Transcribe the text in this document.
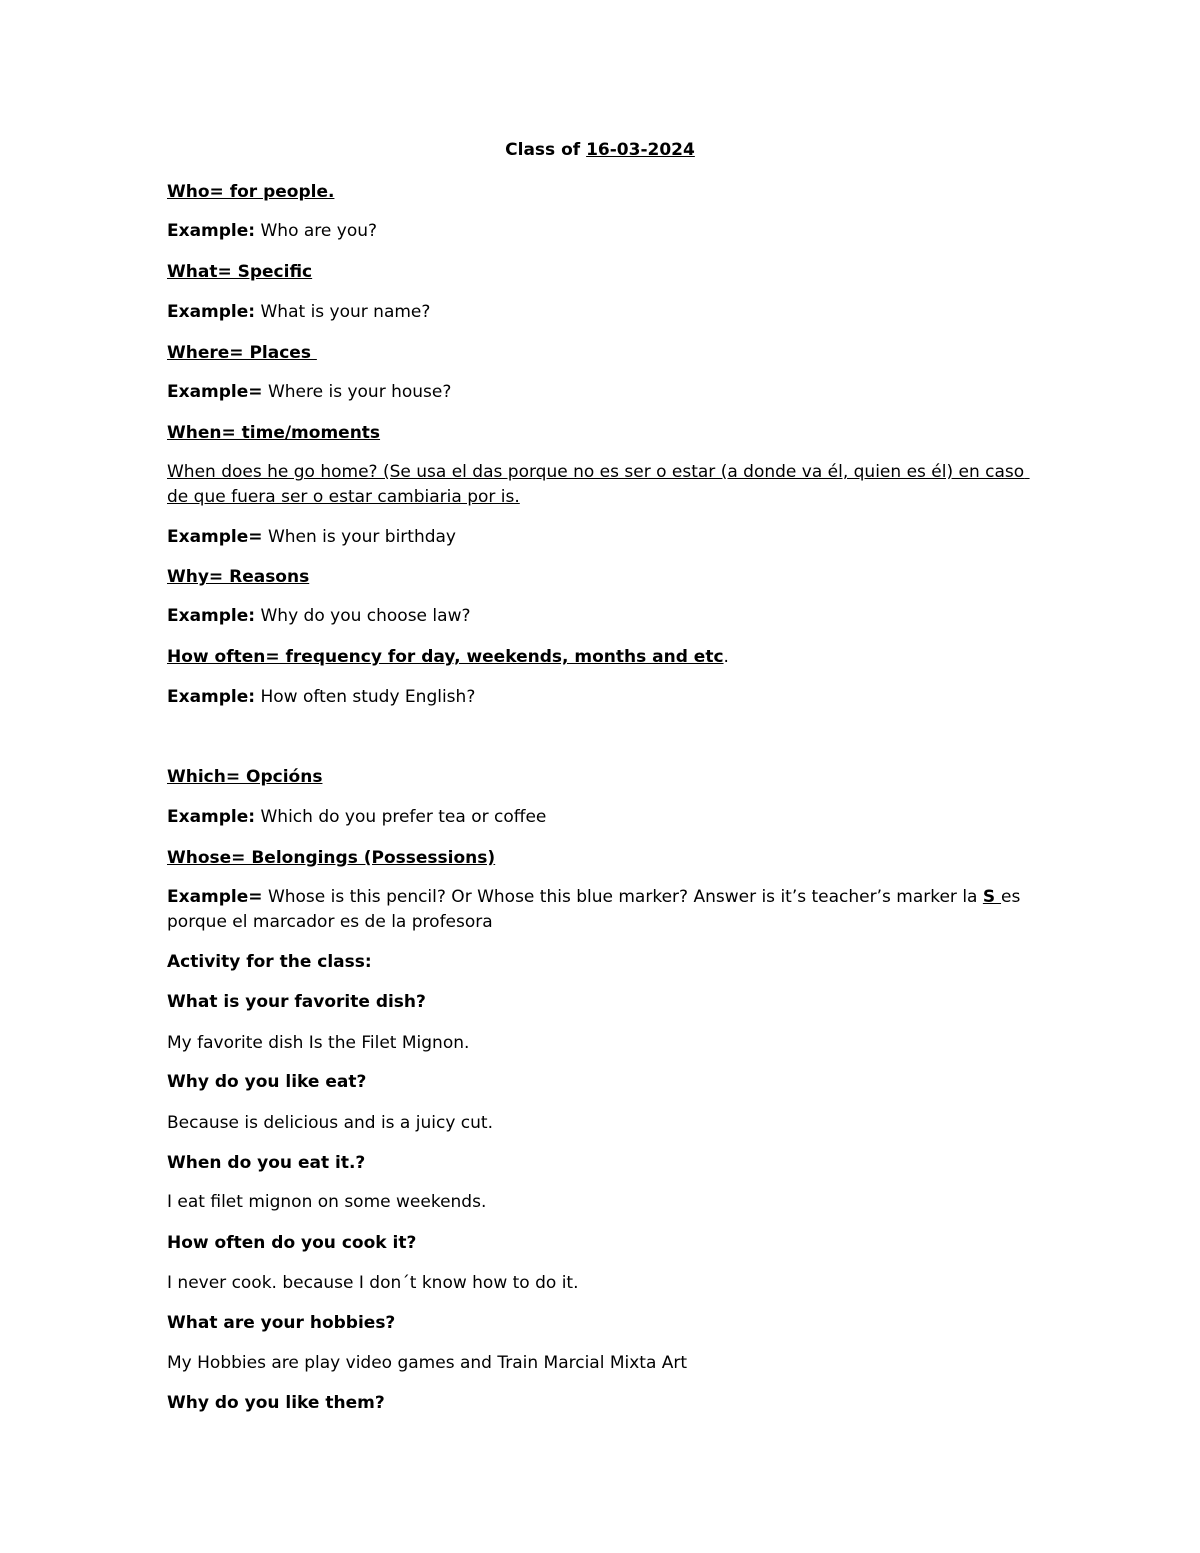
Class of 16-03-2024
Who= for people.
Example: Who are you?
What= Specific
Example: What is your name?
Where= Places
Example= Where is your house?
When= time/moments
When does he go home? (Se usa el das porque no es ser o estar (a donde va él, quien es él) en caso de que fuera ser o estar cambiaria por is.
Example= When is your birthday
Why= Reasons
Example: Why do you choose law?
How often= frequency for day, weekends, months and etc.
Example: How often study English?
Which= Opcións
Example: Which do you prefer tea or coffee
Whose= Belongings (Possessions)
Example= Whose is this pencil? Or Whose this blue marker? Answer is it’s teacher’s marker la S es porque el marcador es de la profesora
Activity for the class:
What is your favorite dish?
My favorite dish Is the Filet Mignon.
Why do you like eat?
Because is delicious and is a juicy cut.
When do you eat it.?
I eat filet mignon on some weekends.
How often do you cook it?
I never cook. because I don´t know how to do it.
What are your hobbies?
My Hobbies are play video games and Train Marcial Mixta Art
Why do you like them?
